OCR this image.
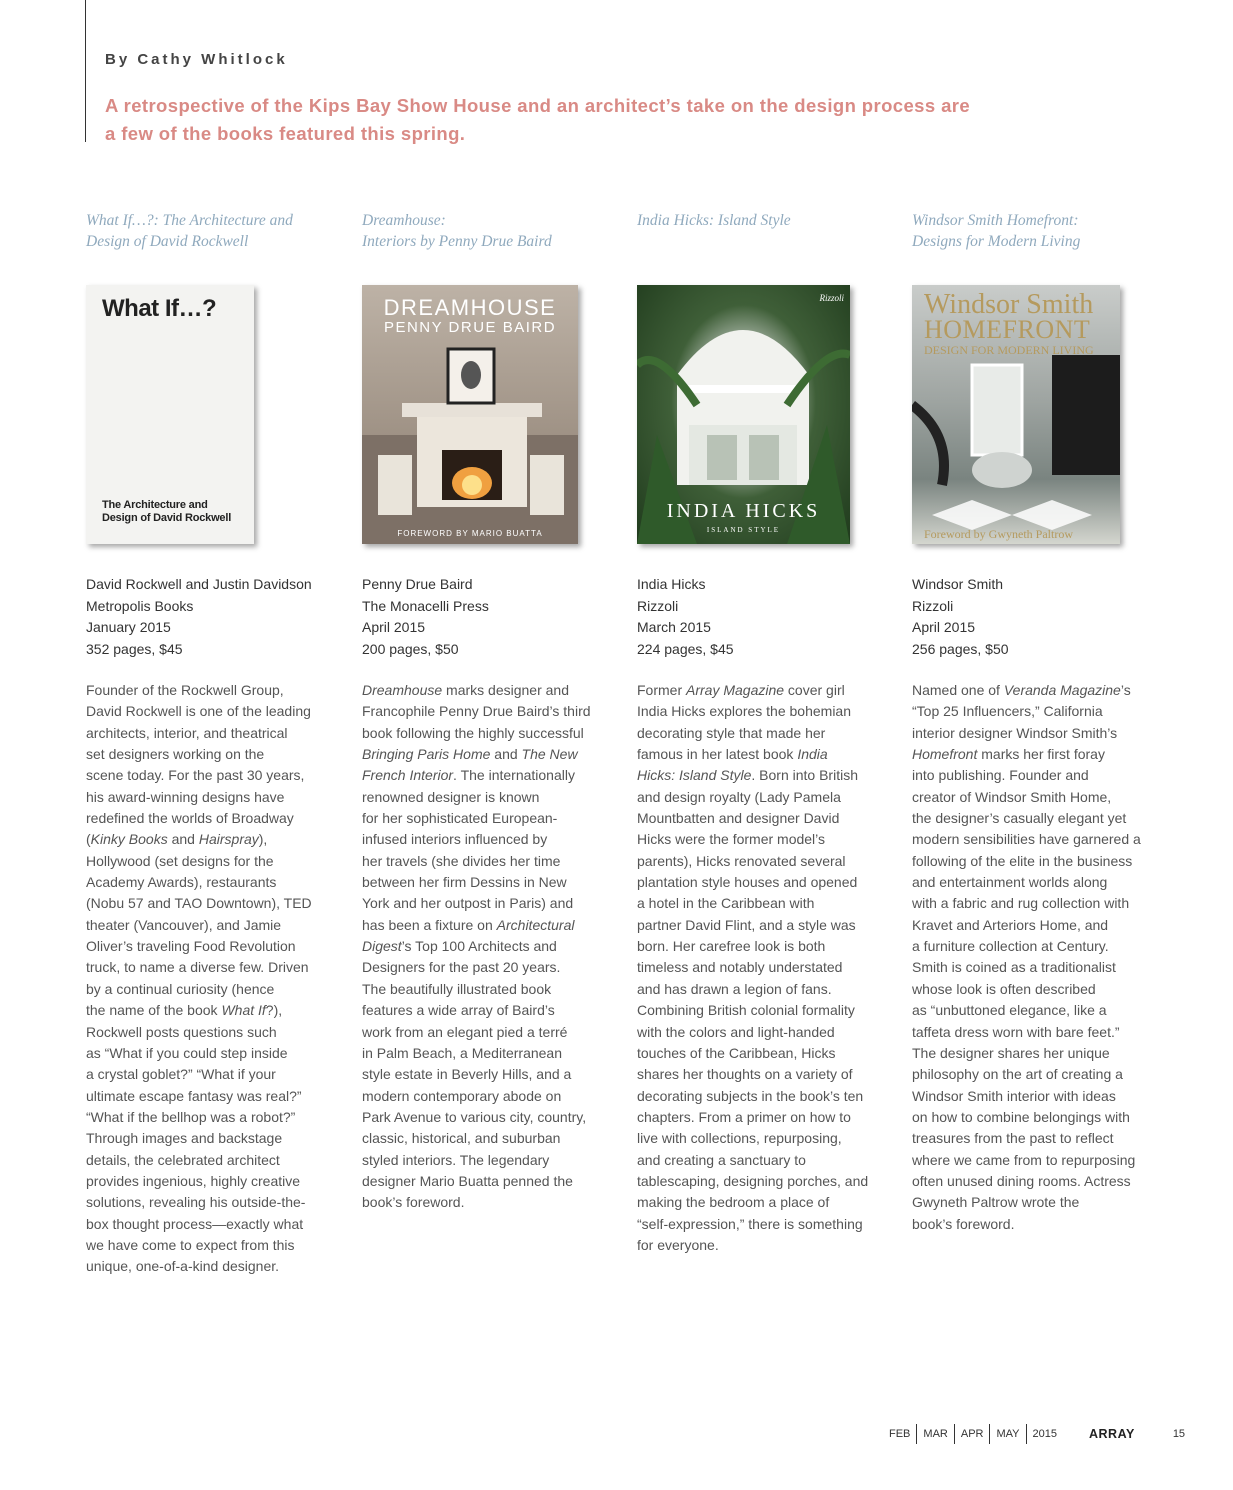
By Cathy Whitlock
A retrospective of the Kips Bay Show House and an architect’s take on the design process are a few of the books featured this spring.
What If…?: The Architecture and
Design of David Rockwell
What If…?
The Architecture and
Design of David Rockwell
David Rockwell and Justin Davidson
Metropolis Books
January 2015
352 pages, $45
Founder of the Rockwell Group,
David Rockwell is one of the leading
architects, interior, and theatrical
set designers working on the
scene today. For the past 30 years,
his award-winning designs have
redefined the worlds of Broadway
(Kinky Books and Hairspray),
Hollywood (set designs for the
Academy Awards), restaurants
(Nobu 57 and TAO Downtown), TED
theater (Vancouver), and Jamie
Oliver’s traveling Food Revolution
truck, to name a diverse few. Driven
by a continual curiosity (hence
the name of the book What If?),
Rockwell posts questions such
as “What if you could step inside
a crystal goblet?” “What if your
ultimate escape fantasy was real?”
“What if the bellhop was a robot?”
Through images and backstage
details, the celebrated architect
provides ingenious, highly creative
solutions, revealing his outside-the-
box thought process—exactly what
we have come to expect from this
unique, one-of-a-kind designer.
Dreamhouse:
Interiors by Penny Drue Baird
DREAMHOUSE
PENNY DRUE BAIRD
FOREWORD BY MARIO BUATTA
Penny Drue Baird
The Monacelli Press
April 2015
200 pages, $50
Dreamhouse marks designer and
Francophile Penny Drue Baird’s third
book following the highly successful
Bringing Paris Home and The New
French Interior. The internationally
renowned designer is known
for her sophisticated European-
infused interiors influenced by
her travels (she divides her time
between her firm Dessins in New
York and her outpost in Paris) and
has been a fixture on Architectural
Digest’s Top 100 Architects and
Designers for the past 20 years.
The beautifully illustrated book
features a wide array of Baird’s
work from an elegant pied a terré
in Palm Beach, a Mediterranean
style estate in Beverly Hills, and a
modern contemporary abode on
Park Avenue to various city, country,
classic, historical, and suburban
styled interiors. The legendary
designer Mario Buatta penned the
book’s foreword.
India Hicks: Island Style
Rizzoli
INDIA HICKS
ISLAND STYLE
India Hicks
Rizzoli
March 2015
224 pages, $45
Former Array Magazine cover girl
India Hicks explores the bohemian
decorating style that made her
famous in her latest book India
Hicks: Island Style. Born into British
and design royalty (Lady Pamela
Mountbatten and designer David
Hicks were the former model’s
parents), Hicks renovated several
plantation style houses and opened
a hotel in the Caribbean with
partner David Flint, and a style was
born. Her carefree look is both
timeless and notably understated
and has drawn a legion of fans.
Combining British colonial formality
with the colors and light-handed
touches of the Caribbean, Hicks
shares her thoughts on a variety of
decorating subjects in the book’s ten
chapters. From a primer on how to
live with collections, repurposing,
and creating a sanctuary to
tablescaping, designing porches, and
making the bedroom a place of
“self-expression,” there is something
for everyone.
Windsor Smith Homefront:
Designs for Modern Living
Windsor Smith
HOMEFRONT
DESIGN FOR MODERN LIVING
Foreword by Gwyneth Paltrow
Windsor Smith
Rizzoli
April 2015
256 pages, $50
Named one of Veranda Magazine’s
“Top 25 Influencers,” California
interior designer Windsor Smith’s
Homefront marks her first foray
into publishing. Founder and
creator of Windsor Smith Home,
the designer’s casually elegant yet
modern sensibilities have garnered a
following of the elite in the business
and entertainment worlds along
with a fabric and rug collection with
Kravet and Arteriors Home, and
a furniture collection at Century.
Smith is coined as a traditionalist
whose look is often described
as “unbuttoned elegance, like a
taffeta dress worn with bare feet.”
The designer shares her unique
philosophy on the art of creating a
Windsor Smith interior with ideas
on how to combine belongings with
treasures from the past to reflect
where we came from to repurposing
often unused dining rooms. Actress
Gwyneth Paltrow wrote the
book’s foreword.
FEB	MAR	APR	MAY	2015	ARRAY	15
